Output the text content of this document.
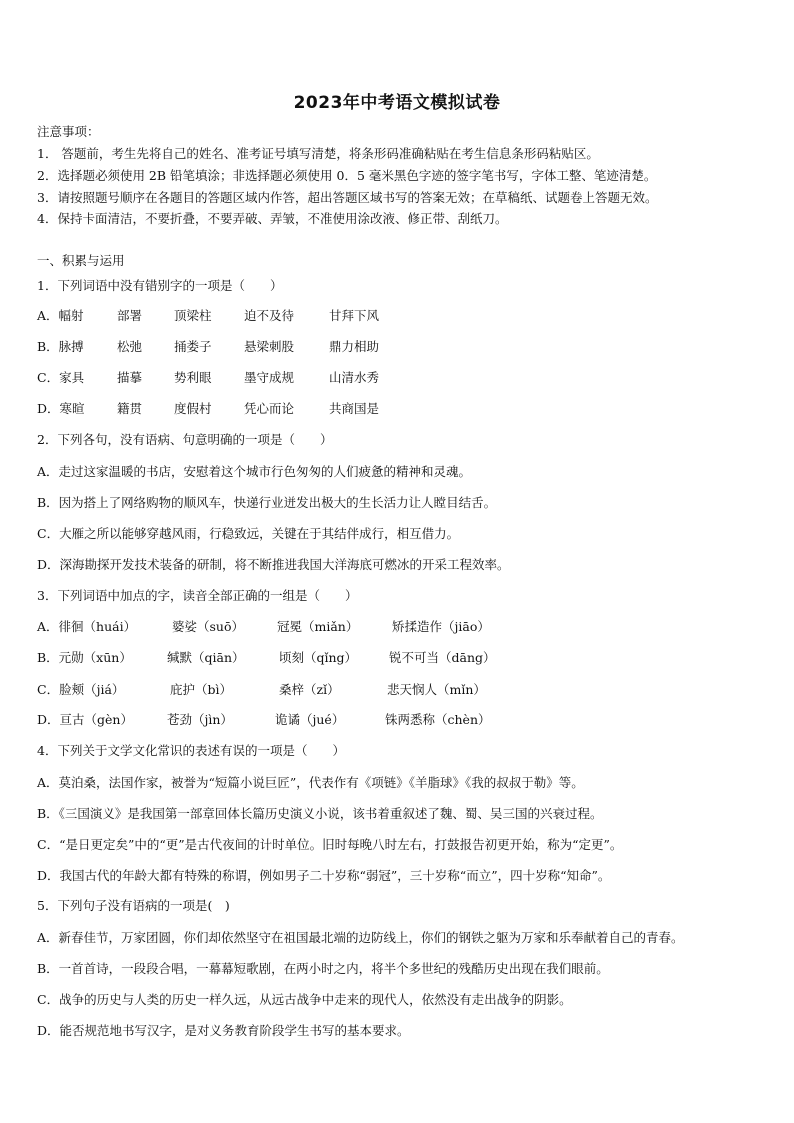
2023年中考语文模拟试卷
注意事项：
1． 答题前，考生先将自己的姓名、准考证号填写清楚，将条形码准确粘贴在考生信息条形码粘贴区。
2．选择题必须使用 2B 铅笔填涂；非选择题必须使用 0．5 毫米黑色字迹的签字笔书写，字体工整、笔迹清楚。
3．请按照题号顺序在各题目的答题区域内作答，超出答题区域书写的答案无效；在草稿纸、试题卷上答题无效。
4．保持卡面清洁，不要折叠，不要弄破、弄皱，不准使用涂改液、修正带、刮纸刀。
一、积累与运用
1．下列词语中没有错别字的一项是（　　）
A．幅射	部署	顶梁柱	迫不及待	甘拜下风
B．脉搏	松弛	捅娄子	悬梁刺股	鼎力相助
C．家具	描摹	势利眼	墨守成规	山清水秀
D．寒暄	籍贯	度假村	凭心而论	共商国是
2．下列各句，没有语病、句意明确的一项是（　　）
A．走过这家温暖的书店，安慰着这个城市行色匆匆的人们疲惫的精神和灵魂。
B．因为搭上了网络购物的顺风车，快递行业迸发出极大的生长活力让人瞠目结舌。
C．大雁之所以能够穿越风雨，行稳致远，关键在于其结伴成行，相互借力。
D．深海勘探开发技术装备的研制，将不断推进我国大洋海底可燃冰的开采工程效率。
3．下列词语中加点的字，读音全部正确的一组是（　　）
A．徘徊（huái）	婆娑（suō）	冠冕（miǎn）	矫揉造作（jiāo）
B．元勋（xūn）	缄默（qiān）	顷刻（qǐng）	锐不可当（dāng）
C．脸颊（jiá）	庇护（bì）	桑梓（zǐ）	悲天悯人（mǐn）
D．亘古（gèn）	苍劲（jìn）	诡谲（jué）	铢两悉称（chèn）
4．下列关于文学文化常识的表述有误的一项是（　　）
A．莫泊桑，法国作家，被誉为“短篇小说巨匠”，代表作有《项链》《羊脂球》《我的叔叔于勒》等。
B．《三国演义》是我国第一部章回体长篇历史演义小说，该书着重叙述了魏、蜀、吴三国的兴衰过程。
C．“是日更定矣”中的“更”是古代夜间的计时单位。旧时每晚八时左右，打鼓报告初更开始，称为“定更”。
D．我国古代的年龄大都有特殊的称谓，例如男子二十岁称“弱冠”，三十岁称“而立”，四十岁称“知命”。
5．下列句子没有语病的一项是(　)
A．新春佳节，万家团圆，你们却依然坚守在祖国最北端的边防线上，你们的钢铁之躯为万家和乐奉献着自己的青春。
B．一首首诗，一段段合唱，一幕幕短歌剧，在两小时之内，将半个多世纪的残酷历史出现在我们眼前。
C．战争的历史与人类的历史一样久远，从远古战争中走来的现代人，依然没有走出战争的阴影。
D．能否规范地书写汉字，是对义务教育阶段学生书写的基本要求。
